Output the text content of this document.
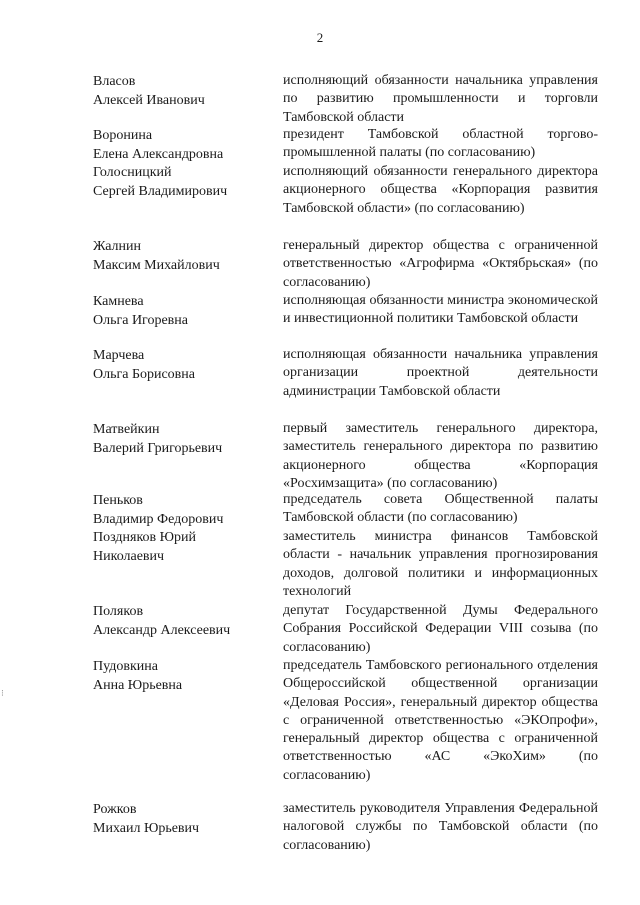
2
⁝
Власов
Алексей Иванович
исполняющий обязанности начальника управления по развитию промышленности и торговли Тамбовской области
Воронина
Елена Александровна
президент Тамбовской областной торгово-промышленной палаты (по согласованию)
Голосницкий
Сергей Владимирович
исполняющий обязанности генерального директора акционерного общества «Корпорация развития Тамбовской области» (по согласованию)
Жалнин
Максим Михайлович
генеральный директор общества с ограниченной ответственностью «Агрофирма «Октябрьская» (по согласованию)
Камнева
Ольга Игоревна
исполняющая обязанности министра экономической и инвестиционной политики Тамбовской области
Марчева
Ольга Борисовна
исполняющая обязанности начальника управления организации проектной деятельности администрации Тамбовской области
Матвейкин
Валерий Григорьевич
первый заместитель генерального директора, заместитель генерального директора по развитию акционерного общества «Корпорация «Росхимзащита» (по согласованию)
Пеньков
Владимир Федорович
председатель совета Общественной палаты Тамбовской области (по согласованию)
Поздняков Юрий
Николаевич
заместитель министра финансов Тамбовской области - начальник управления прогнозирования доходов, долговой политики и информационных технологий
Поляков
Александр Алексеевич
депутат Государственной Думы Федерального Собрания Российской Федерации VIII созыва (по согласованию)
Пудовкина
Анна Юрьевна
председатель Тамбовского регионального отделения Общероссийской общественной организации «Деловая Россия», генеральный директор общества с ограниченной ответственностью «ЭКОпрофи», генеральный директор общества с ограниченной ответственностью «АС «ЭкоХим» (по согласованию)
Рожков
Михаил Юрьевич
заместитель руководителя Управления Федеральной налоговой службы по Тамбовской области (по согласованию)
